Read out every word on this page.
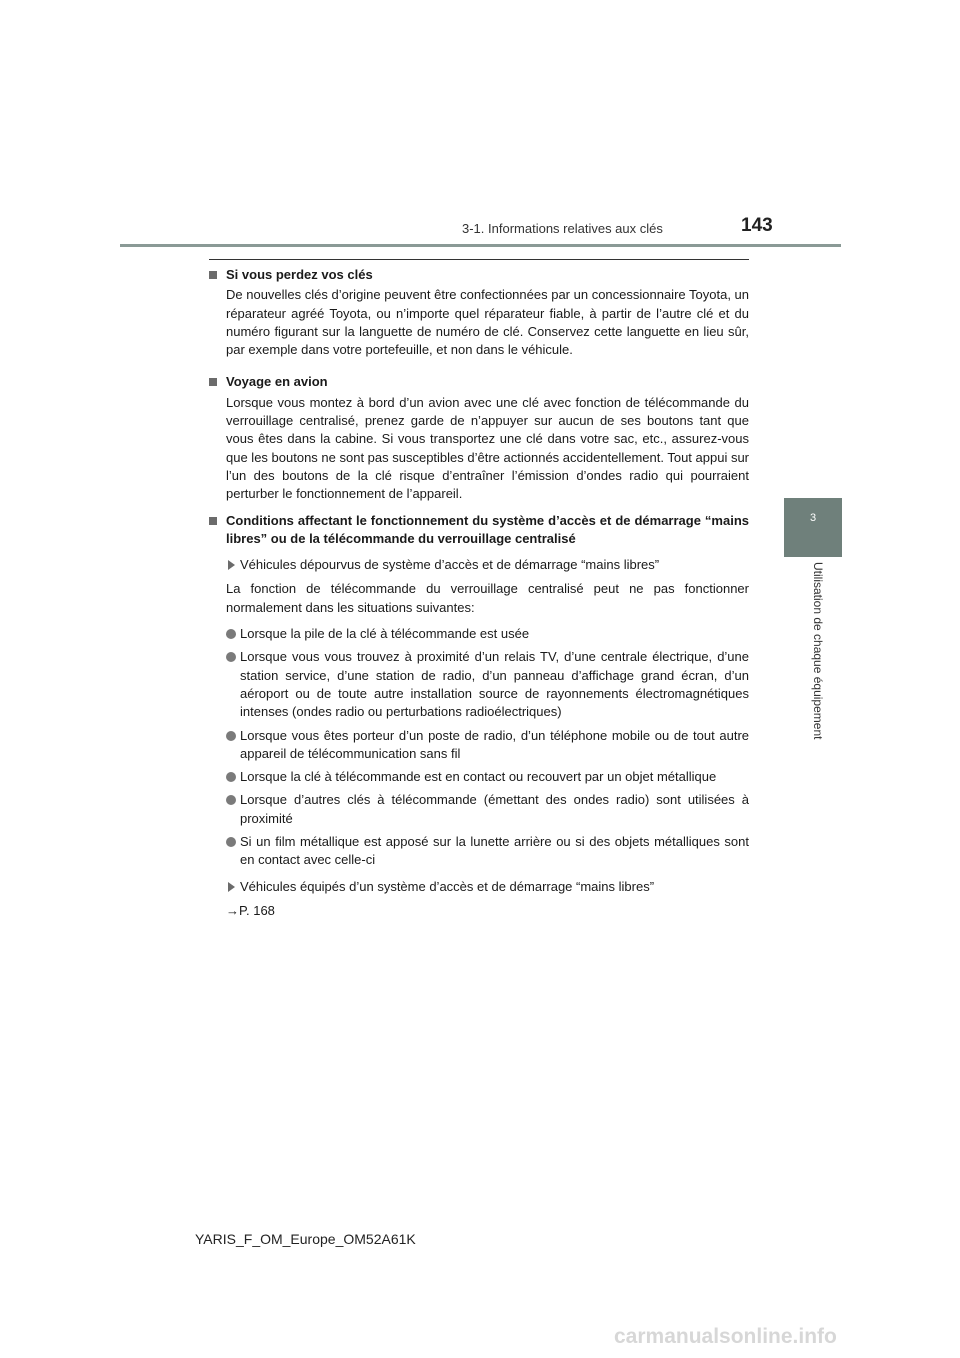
3-1. Informations relatives aux clés	143
3
Utilisation de chaque équipement
Si vous perdez vos clés
De nouvelles clés d’origine peuvent être confectionnées par un concessionnaire Toyota, un réparateur agréé Toyota, ou n’importe quel réparateur fiable, à partir de l’autre clé et du numéro figurant sur la languette de numéro de clé. Conservez cette languette en lieu sûr, par exemple dans votre portefeuille, et non dans le véhicule.
Voyage en avion
Lorsque vous montez à bord d’un avion avec une clé avec fonction de télécommande du verrouillage centralisé, prenez garde de n’appuyer sur aucun de ses boutons tant que vous êtes dans la cabine. Si vous transportez une clé dans votre sac, etc., assurez-vous que les boutons ne sont pas susceptibles d’être actionnés accidentellement. Tout appui sur l’un des boutons de la clé risque d’entraîner l’émission d’ondes radio qui pourraient perturber le fonctionnement de l’appareil.
Conditions affectant le fonctionnement du système d’accès et de démarrage “mains libres” ou de la télécommande du verrouillage centralisé
Véhicules dépourvus de système d’accès et de démarrage “mains libres”
La fonction de télécommande du verrouillage centralisé peut ne pas fonctionner normalement dans les situations suivantes:
Lorsque la pile de la clé à télécommande est usée
Lorsque vous vous trouvez à proximité d’un relais TV, d’une centrale électrique, d’une station service, d’une station de radio, d’un panneau d’affichage grand écran, d’un aéroport ou de toute autre installation source de rayonnements électromagnétiques intenses (ondes radio ou perturbations radioélectriques)
Lorsque vous êtes porteur d’un poste de radio, d’un téléphone mobile ou de tout autre appareil de télécommunication sans fil
Lorsque la clé à télécommande est en contact ou recouvert par un objet métallique
Lorsque d’autres clés à télécommande (émettant des ondes radio) sont utilisées à proximité
Si un film métallique est apposé sur la lunette arrière ou si des objets métalliques sont en contact avec celle-ci
Véhicules équipés d’un système d’accès et de démarrage “mains libres”
→P. 168
YARIS_F_OM_Europe_OM52A61K
carmanualsonline.info
